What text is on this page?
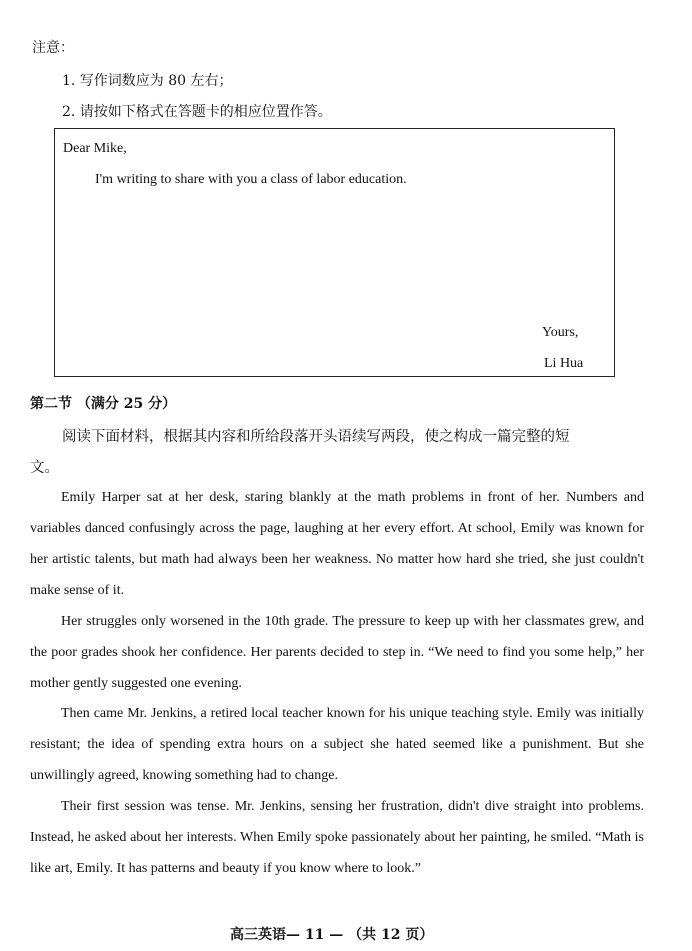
注意：
1. 写作词数应为 80 左右；
2. 请按如下格式在答题卡的相应位置作答。
Dear Mike,
I'm writing to share with you a class of labor education.
Yours,
Li Hua
第二节 （满分 25 分）
阅读下面材料，根据其内容和所给段落开头语续写两段，使之构成一篇完整的短
文。

Emily Harper sat at her desk, staring blankly at the math problems in front of her. Numbers and variables danced confusingly across the page, laughing at her every effort. At school, Emily was known for her artistic talents, but math had always been her weakness. No matter how hard she tried, she just couldn't make sense of it.

Her struggles only worsened in the 10th grade. The pressure to keep up with her classmates grew, and the poor grades shook her confidence. Her parents decided to step in. “We need to find you some help,” her mother gently suggested one evening.

Then came Mr. Jenkins, a retired local teacher known for his unique teaching style. Emily was initially resistant; the idea of spending extra hours on a subject she hated seemed like a punishment. But she unwillingly agreed, knowing something had to change.

Their first session was tense. Mr. Jenkins, sensing her frustration, didn't dive straight into problems. Instead, he asked about her interests. When Emily spoke passionately about her painting, he smiled. “Math is like art, Emily. It has patterns and beauty if you know where to look.”

高三英语— 11 — （共 12 页）
